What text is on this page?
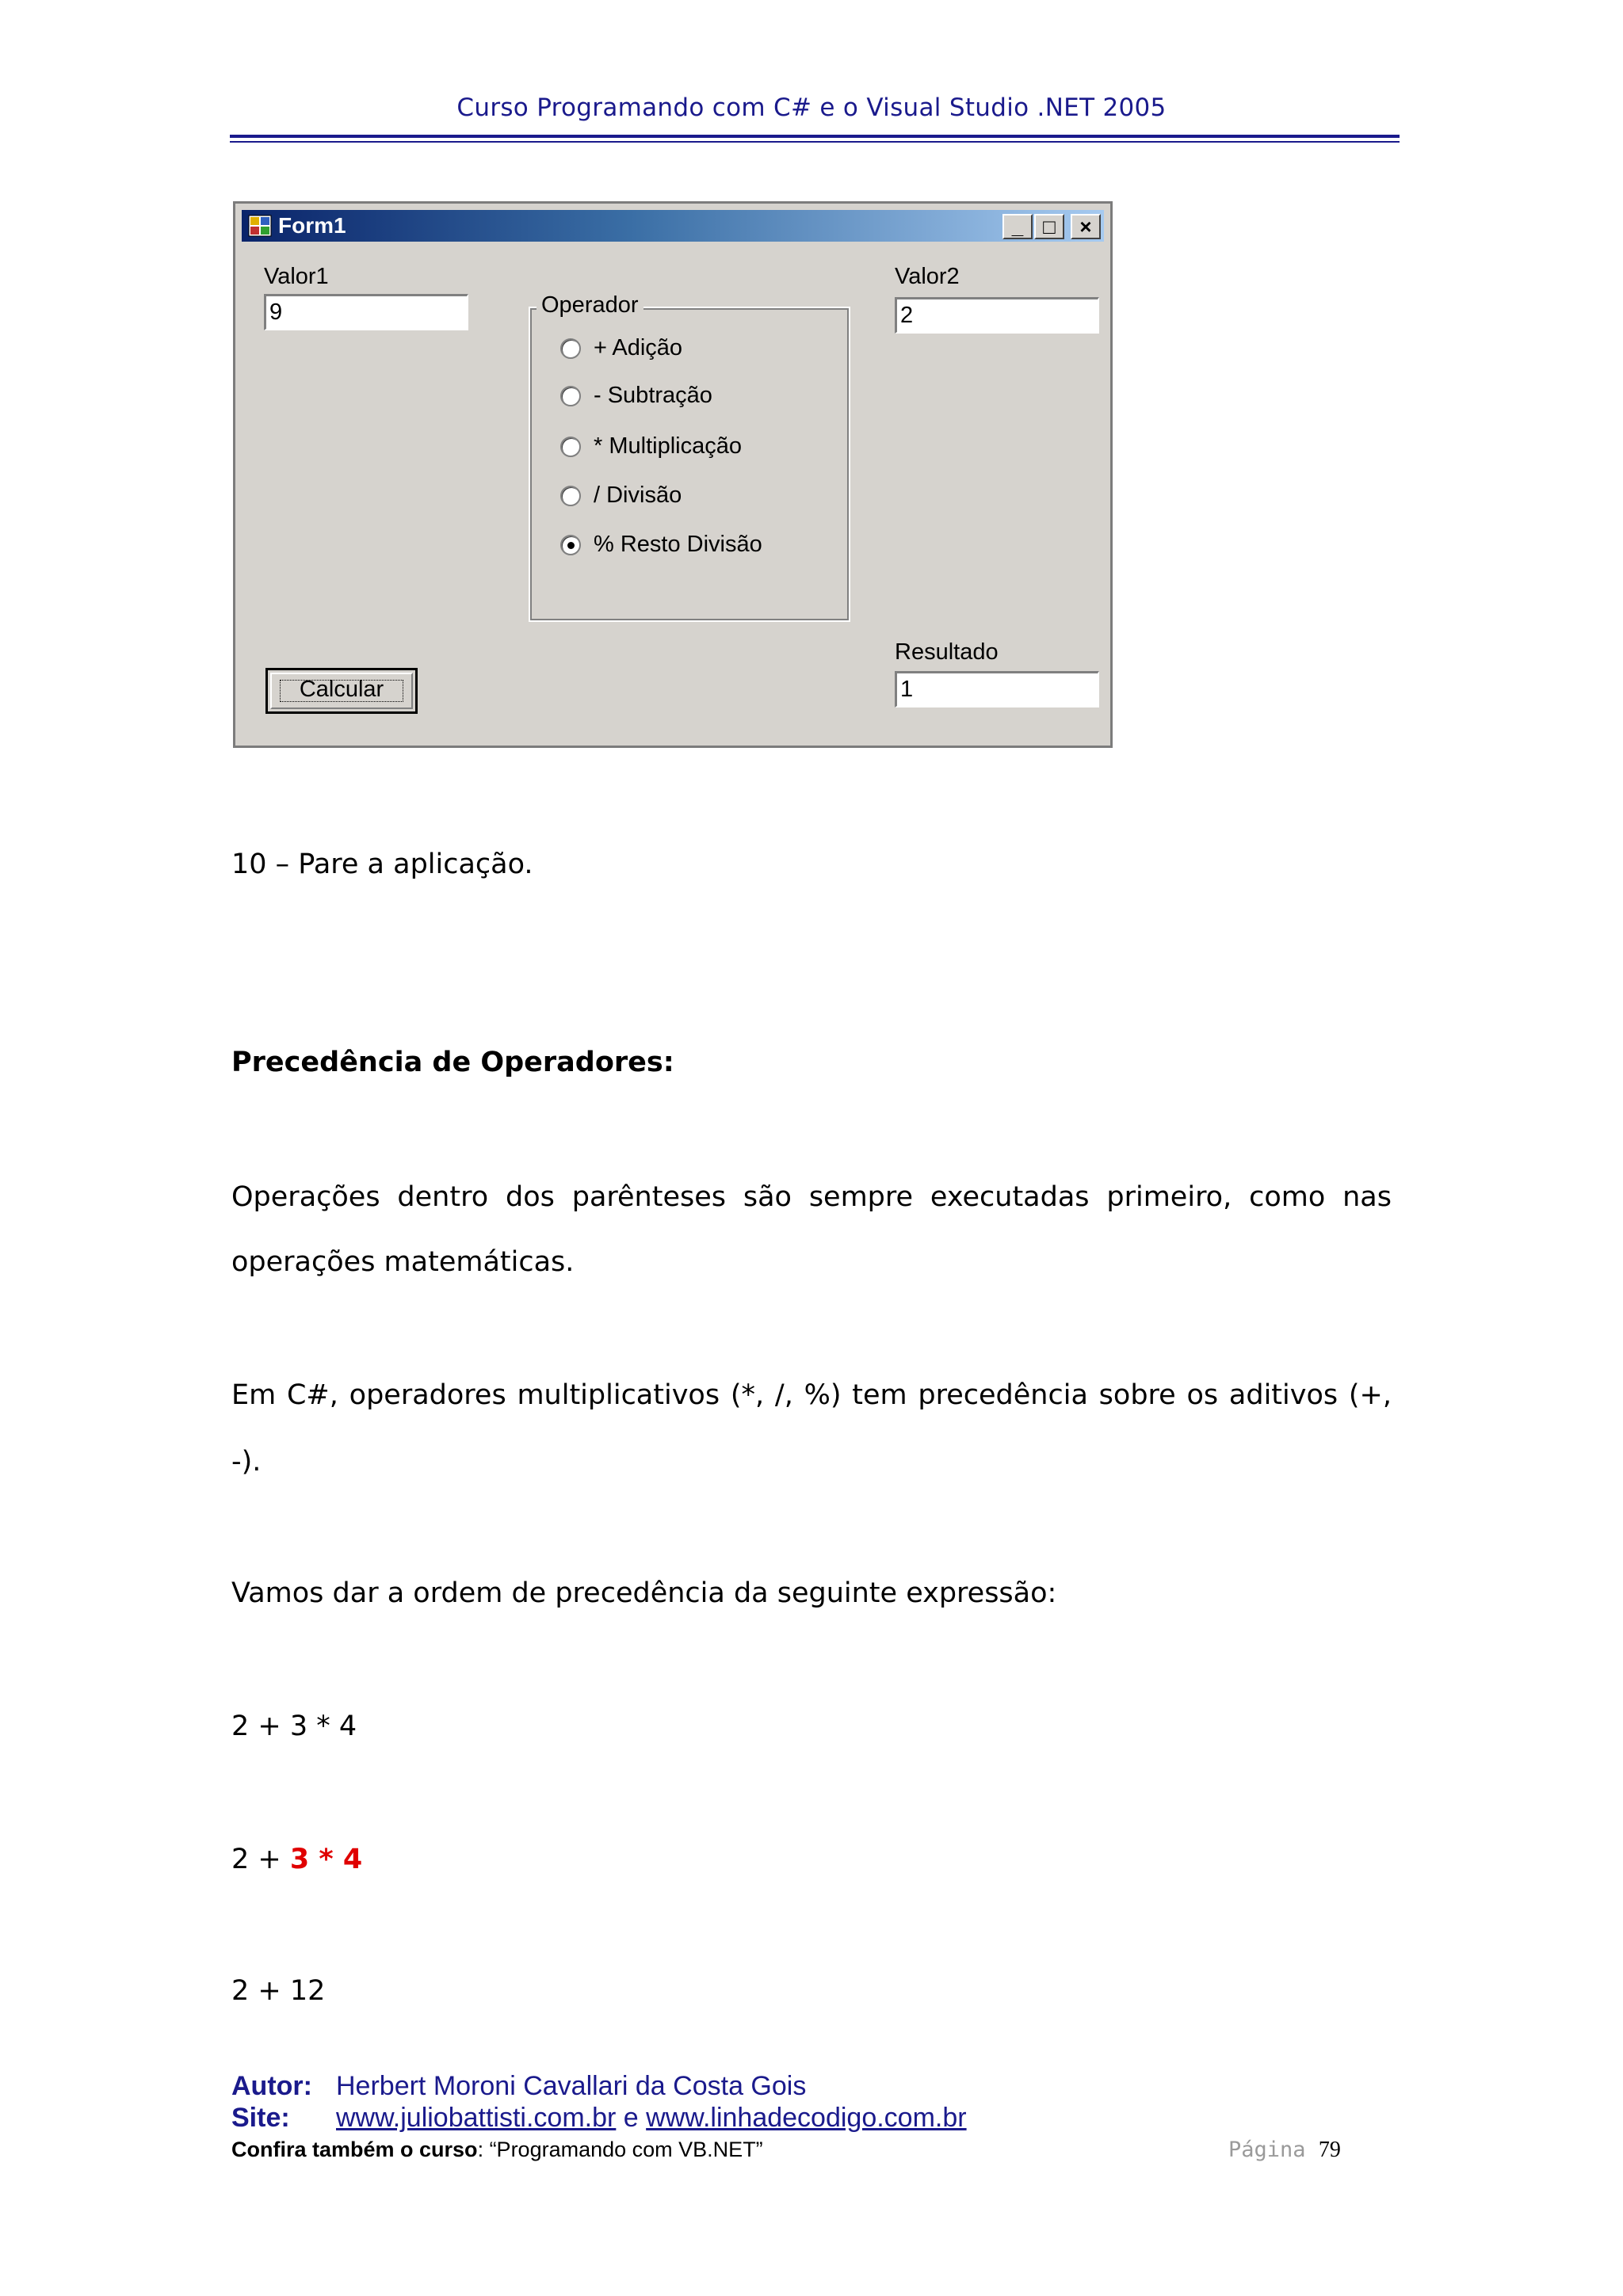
Curso Programando com C# e o Visual Studio .NET 2005
Form1	_ □	×
Valor1
9
Valor2
2
Operador
+ Adição
- Subtração
* Multiplicação
/ Divisão
% Resto Divisão
Resultado
1
Calcular
10 – Pare a aplicação.
Precedência de Operadores:
Operações dentro dos parênteses são sempre executadas primeiro, como nas
operações matemáticas.
Em C#, operadores multiplicativos (*, /, %) tem precedência sobre os aditivos (+,
-).
Vamos dar a ordem de precedência da seguinte expressão:
2 + 3 * 4
2 + 3 * 4
2 + 12
Autor: Herbert Moroni Cavallari da Costa Gois
Site: www.juliobattisti.com.br e www.linhadecodigo.com.br
Confira também o curso: “Programando com VB.NET”	Página 79
